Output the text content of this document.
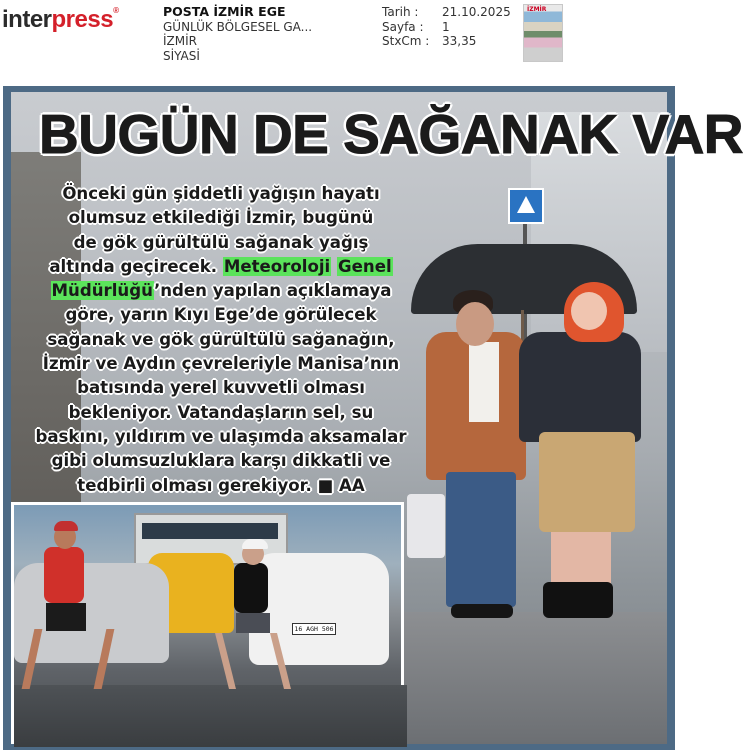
interpress®	POSTA İZMİR EGE
GÜNLÜK BÖLGESEL GA...
İZMİR
SİYASİ
Tarih :	21.10.2025
Sayfa :	1
StxCm :	33,35
İZMİR
BUGÜN DE SAĞANAK VAR
Önceki gün şiddetli yağışın hayatı
olumsuz etkilediği İzmir, bugünü
de gök gürültülü sağanak yağış
altında geçirecek. Meteoroloji Genel
Müdürlüğü’nden yapılan açıklamaya
göre, yarın Kıyı Ege’de görülecek
sağanak ve gök gürültülü sağanağın,
İzmir ve Aydın çevreleriyle Manisa’nın
batısında yerel kuvvetli olması
bekleniyor. Vatandaşların sel, su
baskını, yıldırım ve ulaşımda aksamalar
gibi olumsuzluklara karşı dikkatli ve
tedbirli olması gerekiyor. ■ AA
16 AGH 506
